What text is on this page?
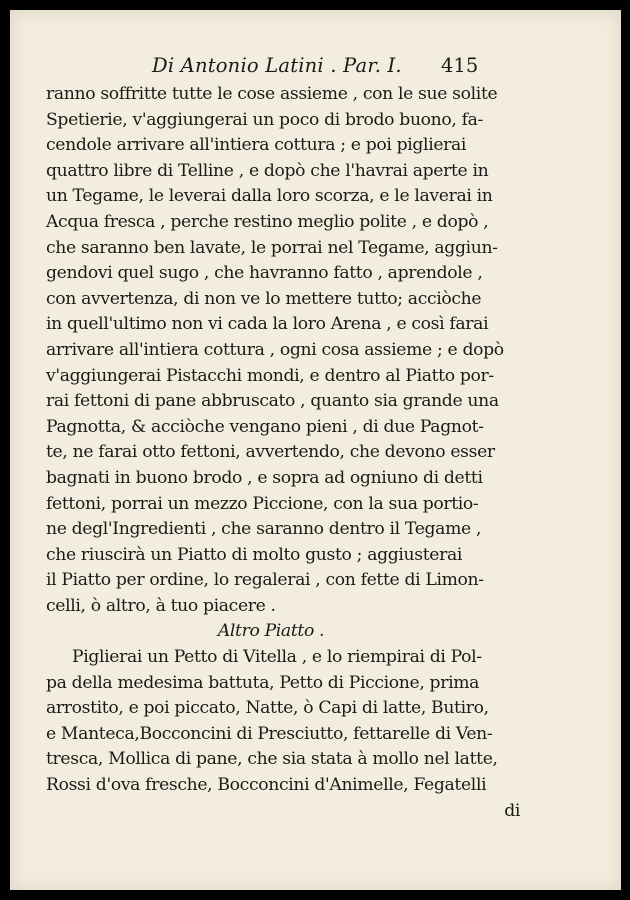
Di Antonio Latini . Par. I. 415
ranno soffritte tutte le cose assieme , con le sue solite
Spetierie, v'aggiungerai un poco di brodo buono, fa-
cendole arrivare all'intiera cottura ; e poi piglierai
quattro libre di Telline , e dopò che l'havrai aperte in
un Tegame, le leverai dalla loro scorza, e le laverai in
Acqua fresca , perche restino meglio polite , e dopò ,
che saranno ben lavate, le porrai nel Tegame, aggiun-
gendovi quel sugo , che havranno fatto , aprendole ,
con avvertenza, di non ve lo mettere tutto; acciòche
in quell'ultimo non vi cada la loro Arena , e così farai
arrivare all'intiera cottura , ogni cosa assieme ; e dopò
v'aggiungerai Pistacchi mondi, e dentro al Piatto por-
rai fettoni di pane abbruscato , quanto sia grande una
Pagnotta, & acciòche vengano pieni , di due Pagnot-
te, ne farai otto fettoni, avvertendo, che devono esser
bagnati in buono brodo , e sopra ad ogniuno di detti
fettoni, porrai un mezzo Piccione, con la sua portio-
ne degl'Ingredienti , che saranno dentro il Tegame ,
che riuscirà un Piatto di molto gusto ; aggiusterai
il Piatto per ordine, lo regalerai , con fette di Limon-
celli, ò altro, à tuo piacere .
Altro Piatto .
Piglierai un Petto di Vitella , e lo riempirai di Pol-
pa della medesima battuta, Petto di Piccione, prima
arrostito, e poi piccato, Natte, ò Capi di latte, Butiro,
e Manteca,Bocconcini di Presciutto, fettarelle di Ven-
tresca, Mollica di pane, che sia stata à mollo nel latte,
Rossi d'ova fresche, Bocconcini d'Animelle, Fegatelli
di
